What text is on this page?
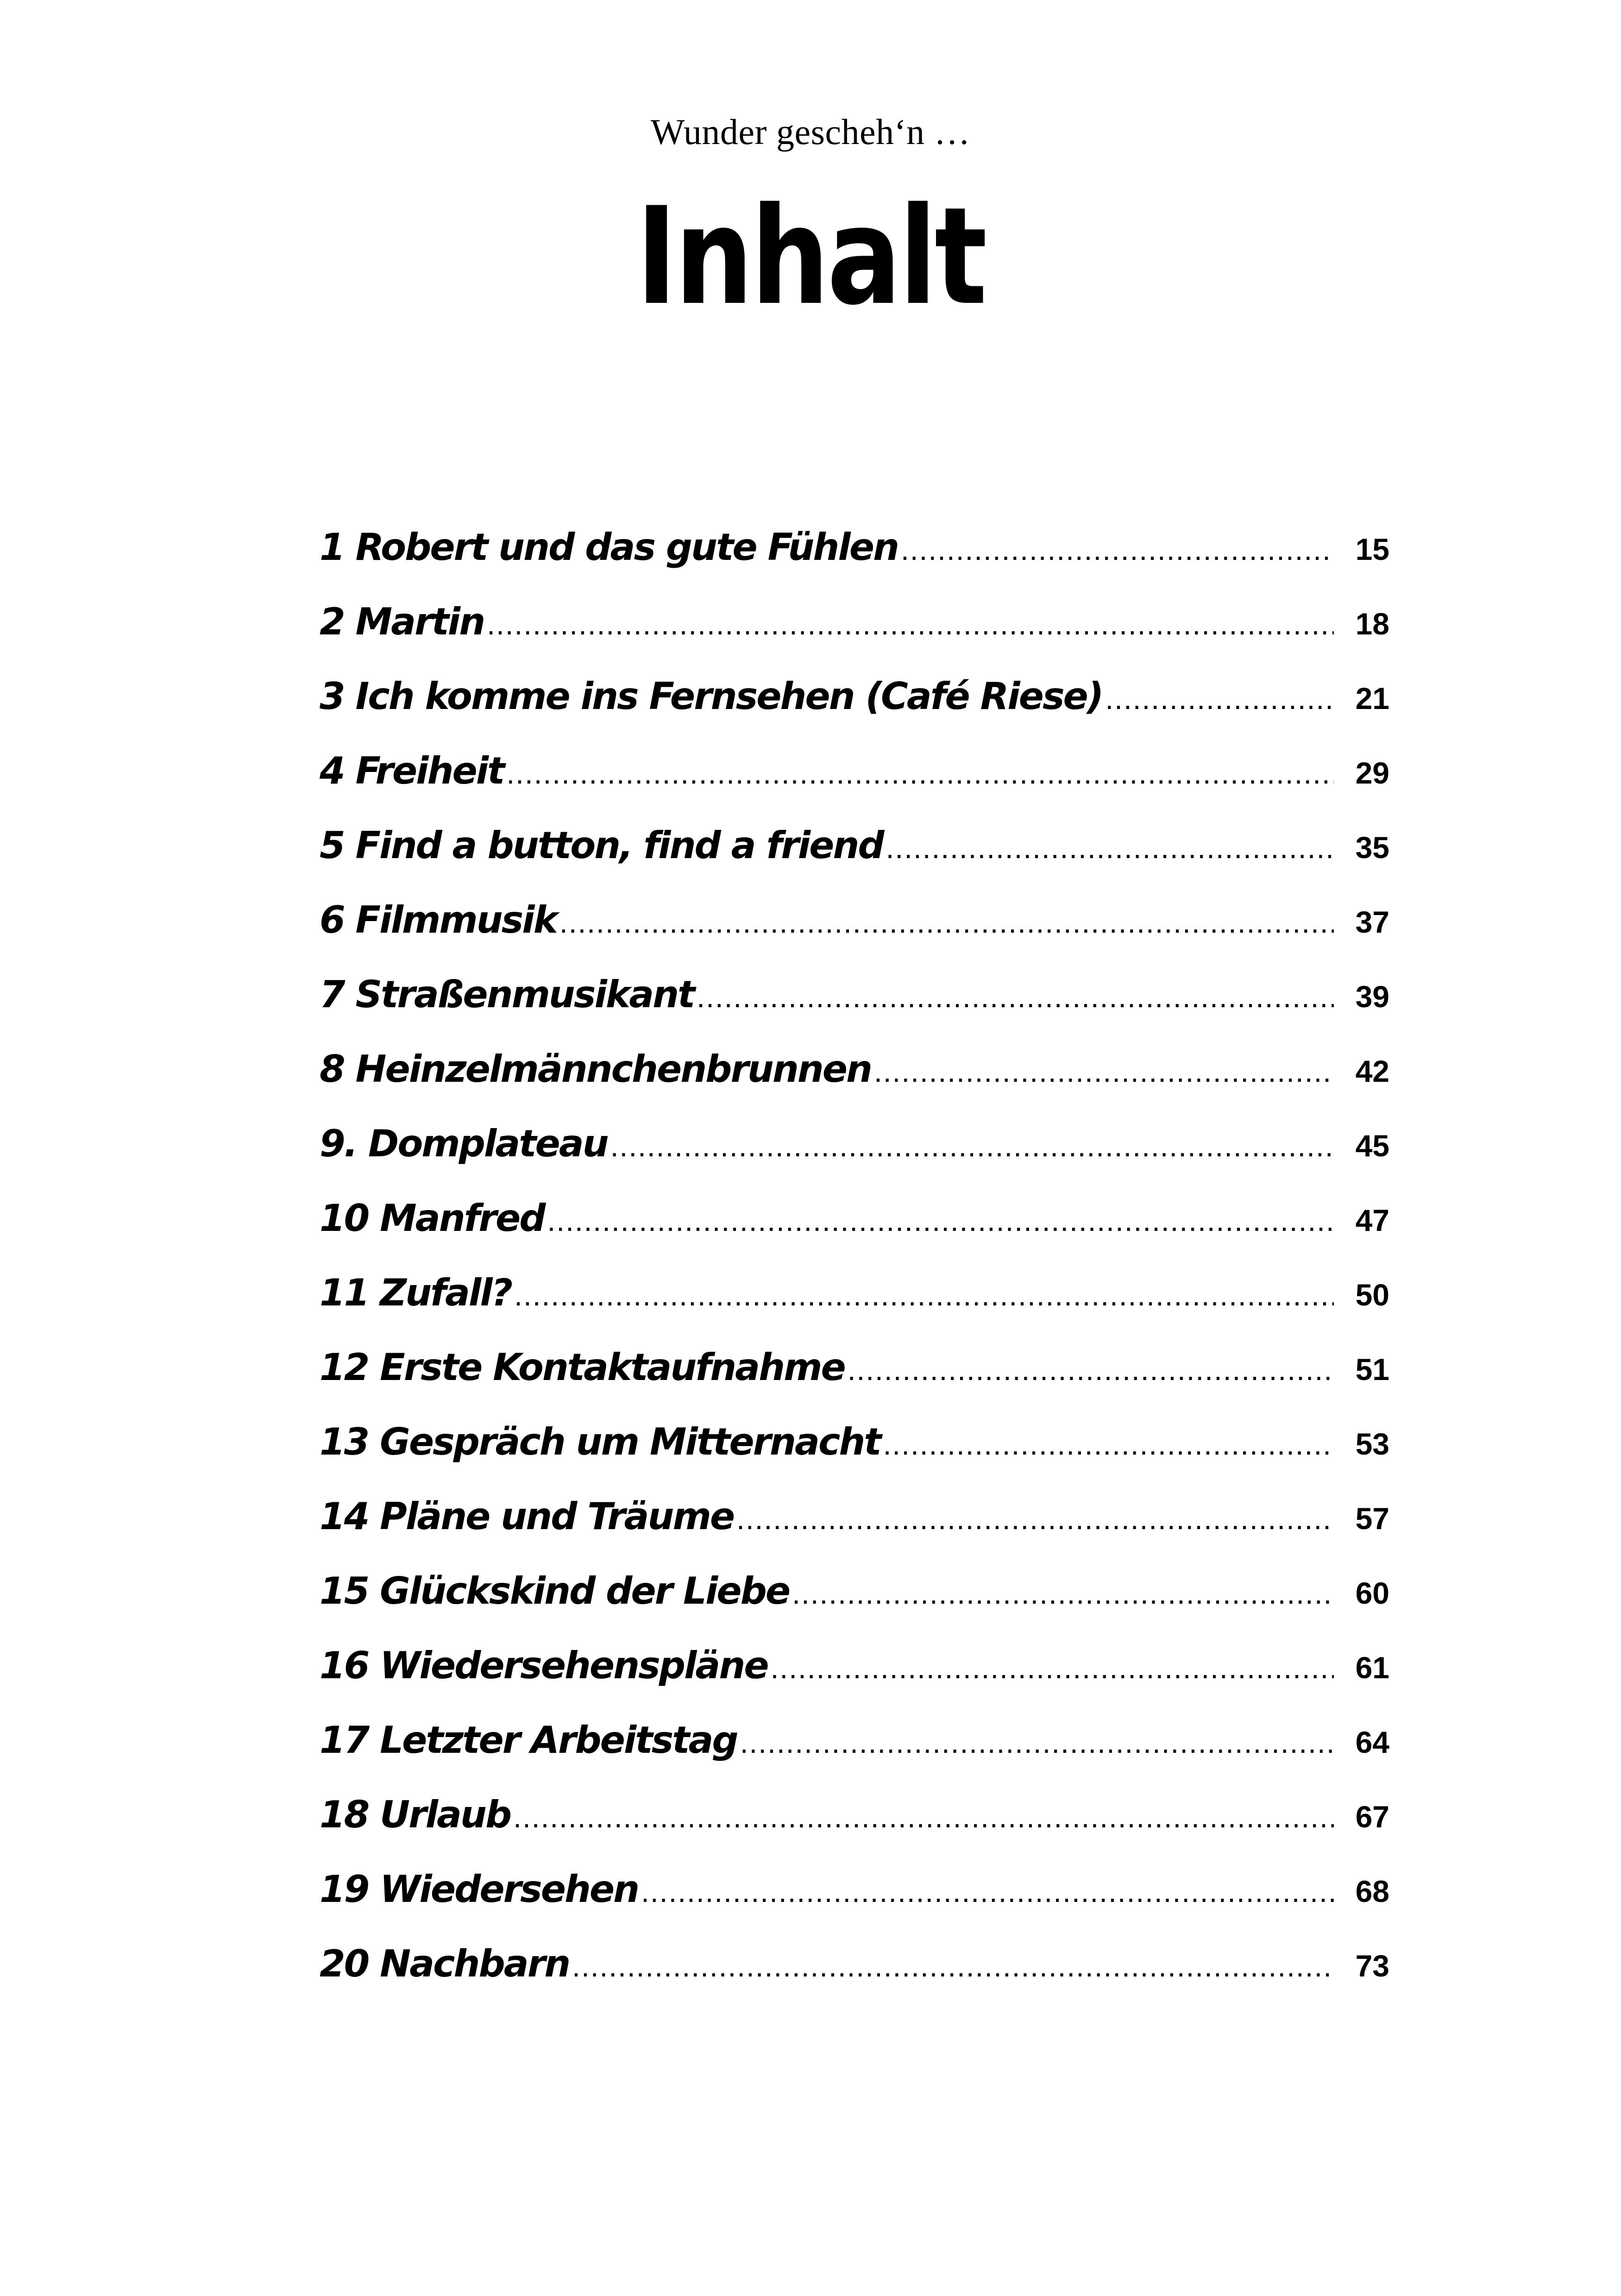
Wunder gescheh‘n …
Inhalt
1 Robert und das gute Fühlen .....	15
2 Martin .....	18
3 Ich komme ins Fernsehen (Café Riese) .....	21
4 Freiheit .....	29
5 Find a button, find a friend .....	35
6 Filmmusik .....	37
7 Straßenmusikant .....	39
8 Heinzelmännchenbrunnen .....	42
9. Domplateau .....	45
10 Manfred .....	47
11 Zufall? .....	50
12 Erste Kontaktaufnahme .....	51
13 Gespräch um Mitternacht .....	53
14 Pläne und Träume .....	57
15 Glückskind der Liebe .....	60
16 Wiedersehenspläne .....	61
17 Letzter Arbeitstag .....	64
18 Urlaub .....	67
19 Wiedersehen .....	68
20 Nachbarn .....	73
